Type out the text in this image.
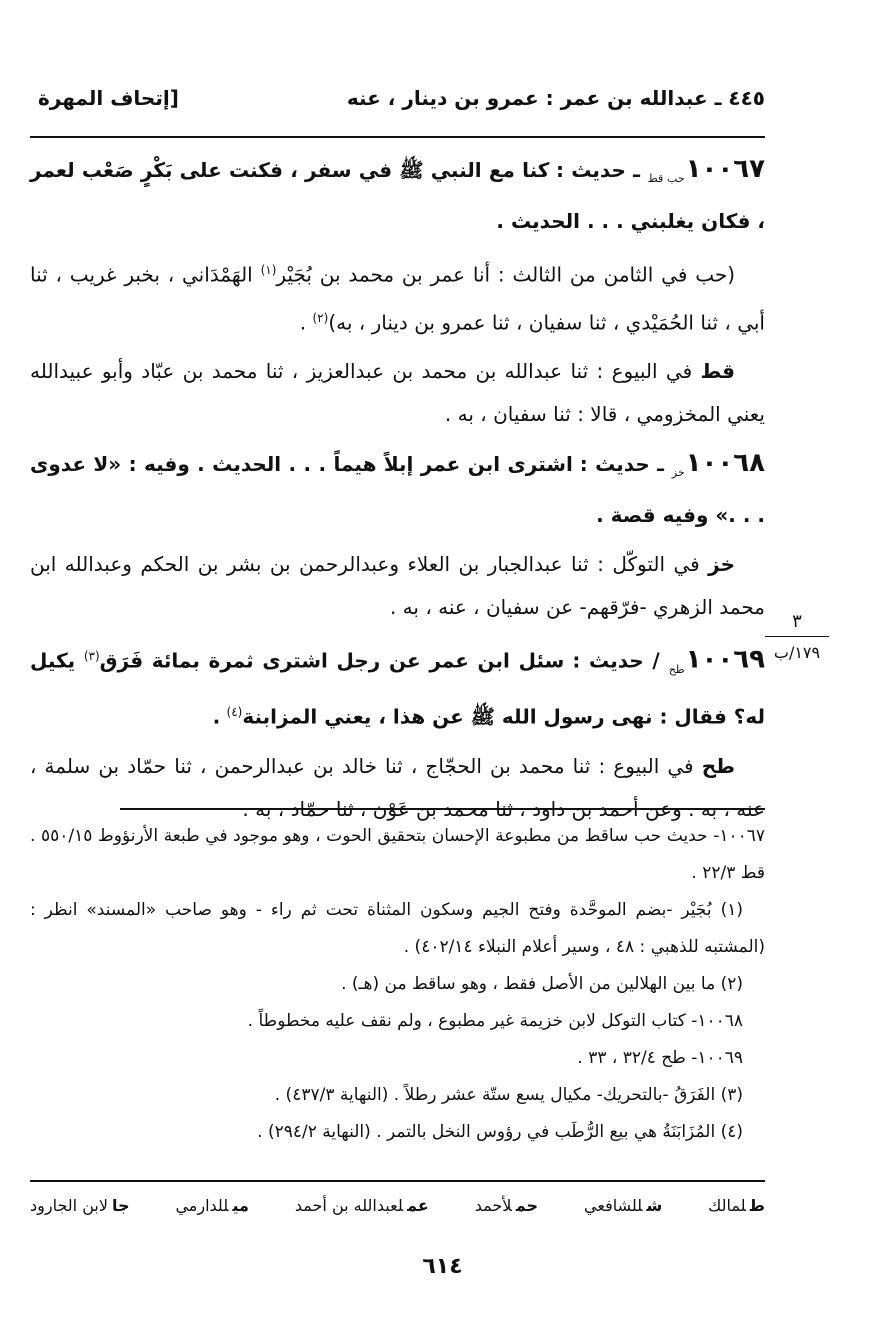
٤٤٥ ـ عبدالله بن عمر : عمرو بن دينار ، عنه
[إتحاف المهرة
٣
١٧٩/ب

$١٠٠٦٧_{حب قط}$ ـ حديث : كنا مع النبي ﷺ في سفر ، فكنت على بَكْرٍ صَعْب لعمر ، فكان يغلبني . . . الحديث .

(حب في الثامن من الثالث : أنا عمر بن محمد بن بُجَيْر$^{(١)}$ الهَمْدَاني ، بخبر غريب ، ثنا أبي ، ثنا الحُمَيْدي ، ثنا سفيان ، ثنا عمرو بن دينار ، به)$^{(٢)}$ .

قط في البيوع : ثنا عبدالله بن محمد بن عبدالعزيز ، ثنا محمد بن عبّاد وأبو عبيدالله يعني المخزومي ، قالا : ثنا سفيان ، به .

$١٠٠٦٨_{خز}$ ـ حديث : اشترى ابن عمر إبلاً هيماً . . . الحديث . وفيه : «لا عدوى . . .» وفيه قصة .

خز في التوكّل : ثنا عبدالجبار بن العلاء وعبدالرحمن بن بشر بن الحكم وعبدالله ابن محمد الزهري -فرّقهم- عن سفيان ، عنه ، به .

$١٠٠٦٩_{طح}$ / حديث : سئل ابن عمر عن رجل اشترى ثمرة بمائة فَرَق$^{(٣)}$ يكيل له؟ فقال : نهى رسول الله ﷺ عن هذا ، يعني المزابنة$^{(٤)}$ .

طح في البيوع : ثنا محمد بن الحجّاج ، ثنا خالد بن عبدالرحمن ، ثنا حمّاد بن سلمة ، عنه ، به . وعن أحمد بن داود ، ثنا محمد بن عَوْن ، ثنا حمّاد ، به .

١٠٠٦٧- حديث حب ساقط من مطبوعة الإحسان بتحقيق الحوت ، وهو موجود في طبعة الأرنؤوط ٥٥٠/١٥ . قط ٢٢/٣ .

(١) بُجَيْر -بضم الموحَّدة وفتح الجيم وسكون المثناة تحت ثم راء - وهو صاحب «المسند» انظر : (المشتبه للذهبي : ٤٨ ، وسير أعلام النبلاء ٤٠٢/١٤) .

(٢) ما بين الهلالين من الأصل فقط ، وهو ساقط من (هـ) .

١٠٠٦٨- كتاب التوكل لابن خزيمة غير مطبوع ، ولم نقف عليه مخطوطاً .

١٠٠٦٩- طح ٣٢/٤ ، ٣٣ .

(٣) الفَرَقُ -بالتحريك- مكيال يسع ستّة عشر رطلاً . (النهاية ٤٣٧/٣) .

(٤) المُزَابَنَةُ هي بيع الرُّطَب في رؤوس النخل بالتمر . (النهاية ٢٩٤/٢) .

طلمالك
شللشافعي
حملأحمد
عملعبدالله بن أحمد
ميللدارمي
جالابن الجارود
٦١٤
